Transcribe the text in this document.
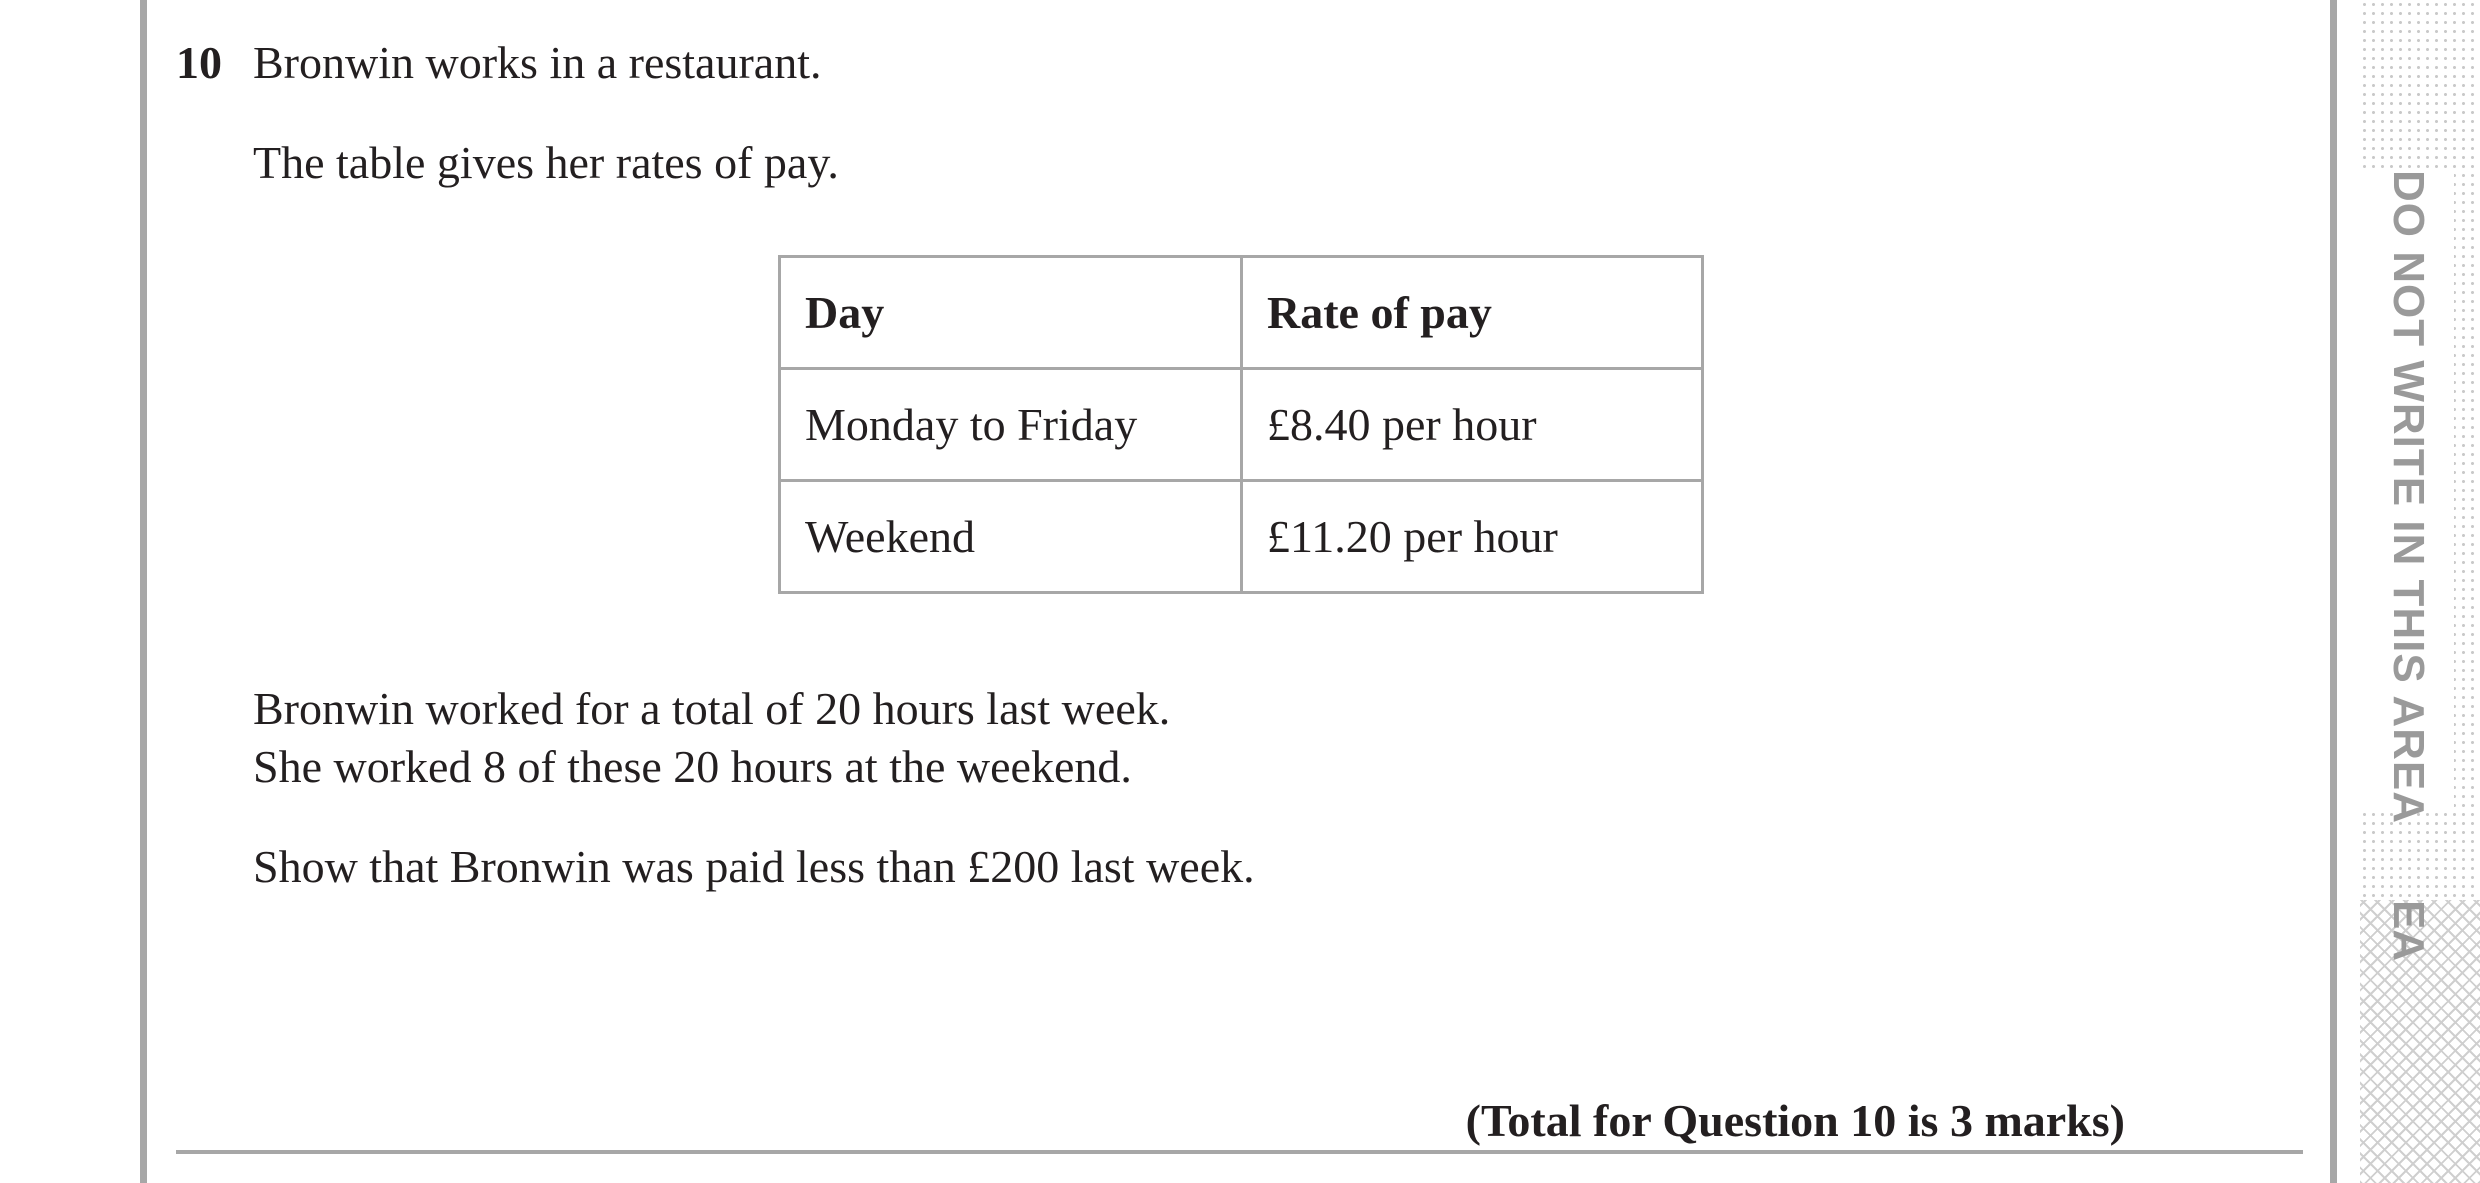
DO NOT WRITE IN THIS AREA
EA
10 Bronwin works in a restaurant.
The table gives her rates of pay.
Day	Rate of pay
Monday to Friday	£8.40 per hour
Weekend	£11.20 per hour
Bronwin worked for a total of 20 hours last week.
She worked 8 of these 20 hours at the weekend.
Show that Bronwin was paid less than £200 last week.
(Total for Question 10 is 3 marks)
